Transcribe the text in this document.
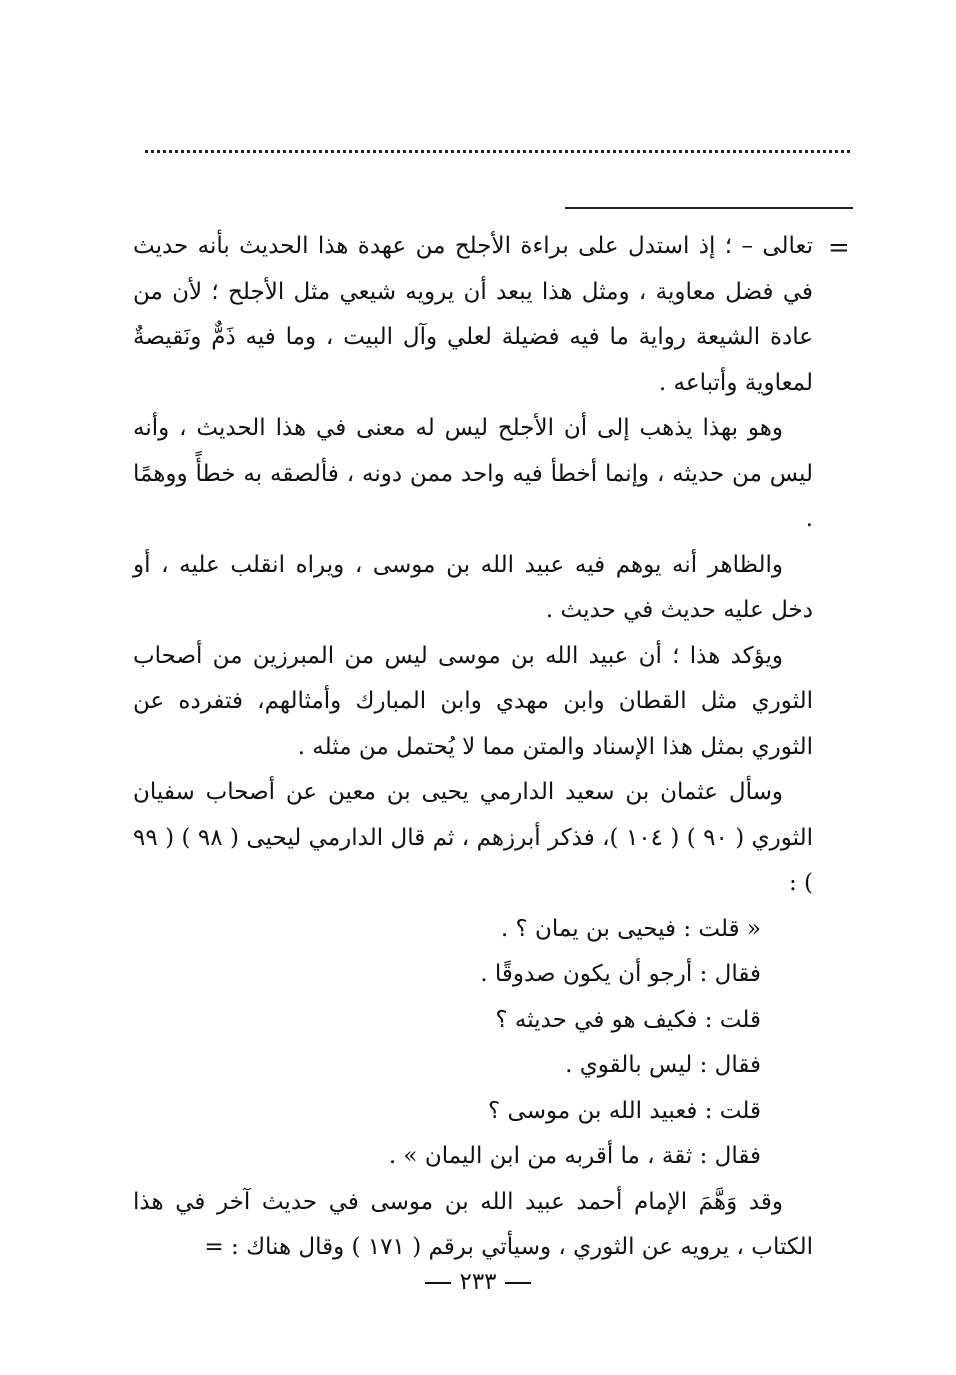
=

تعالى – ؛ إذ استدل على براءة الأجلح من عهدة هذا الحديث بأنه حديث في فضل معاوية ، ومثل هذا يبعد أن يرويه شيعي مثل الأجلح ؛ لأن من عادة الشيعة رواية ما فيه فضيلة لعلي وآل البيت ، وما فيه ذَمٌّ ونَقيصةٌ لمعاوية وأتباعه .

وهو بهذا يذهب إلى أن الأجلح ليس له معنى في هذا الحديث ، وأنه ليس من حديثه ، وإنما أخطأ فيه واحد ممن دونه ، فألصقه به خطأً ووهمًا .

والظاهر أنه يوهم فيه عبيد الله بن موسى ، ويراه انقلب عليه ، أو دخل عليه حديث في حديث .

ويؤكد هذا ؛ أن عبيد الله بن موسى ليس من المبرزين من أصحاب الثوري مثل القطان وابن مهدي وابن المبارك وأمثالهم، فتفرده عن الثوري بمثل هذا الإسناد والمتن مما لا يُحتمل من مثله .

وسأل عثمان بن سعيد الدارمي يحيى بن معين عن أصحاب سفيان الثوري ( ٩٠ ) ( ١٠٤ )، فذكر أبرزهم ، ثم قال الدارمي ليحيى ( ٩٨ ) ( ٩٩ ) :

« قلت : فيحيى بن يمان ؟ .
فقال : أرجو أن يكون صدوقًا .
قلت : فكيف هو في حديثه ؟
فقال : ليس بالقوي .
قلت : فعبيد الله بن موسى ؟
فقال : ثقة ، ما أقربه من ابن اليمان » .

وقد وَهَّمَ الإمام أحمد عبيد الله بن موسى في حديث آخر في هذا الكتاب ، يرويه عن الثوري ، وسيأتي برقم ( ١٧١ ) وقال هناك : =

٢٣٣
